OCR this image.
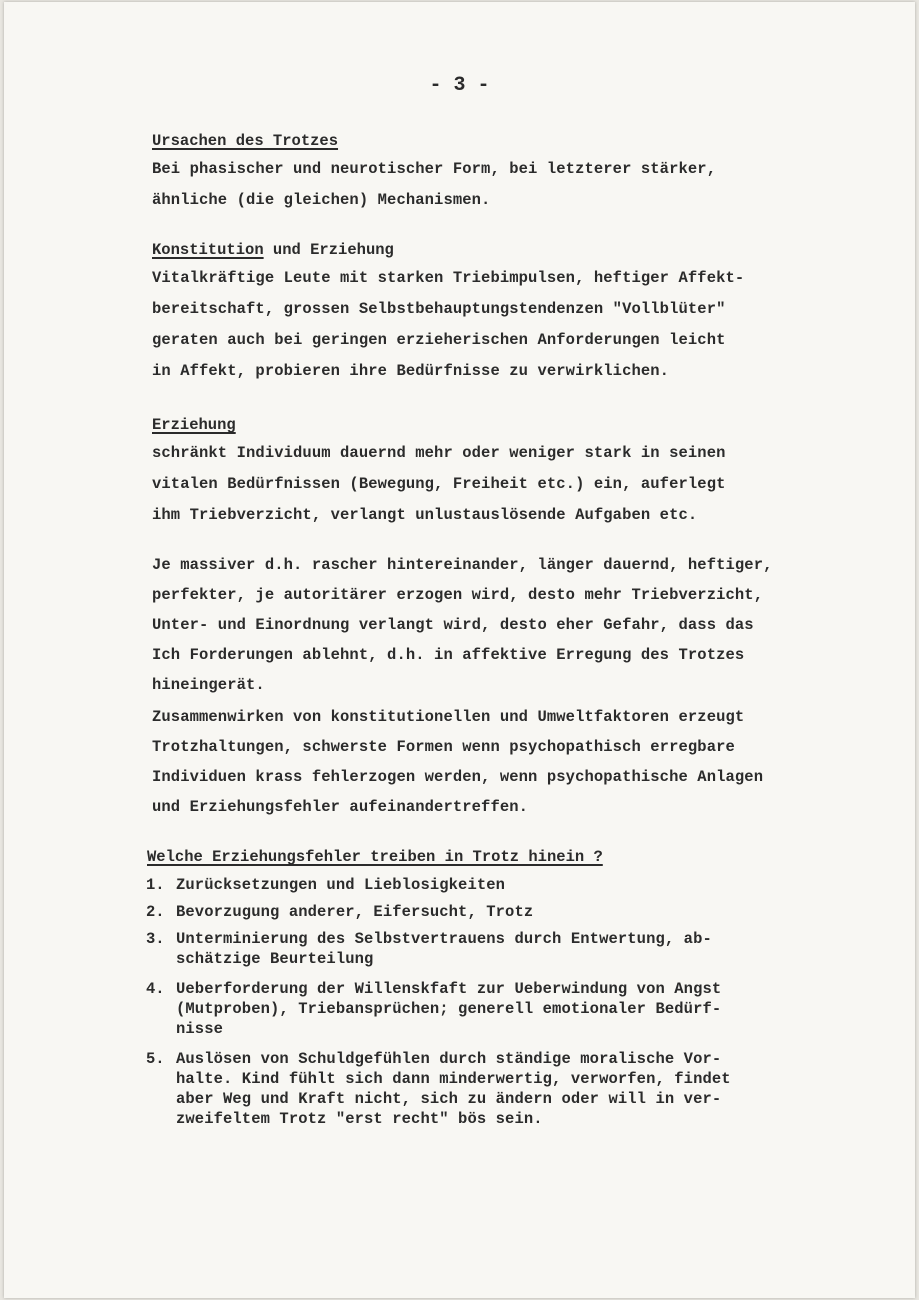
- 3 -
Ursachen des Trotzes
Bei phasischer und neurotischer Form, bei letzterer stärker,
ähnliche (die gleichen) Mechanismen.
Konstitution und Erziehung
Vitalkräftige Leute mit starken Triebimpulsen, heftiger Affekt-
bereitschaft, grossen Selbstbehauptungstendenzen "Vollblüter"
geraten auch bei geringen erzieherischen Anforderungen leicht
in Affekt, probieren ihre Bedürfnisse zu verwirklichen.
Erziehung
schränkt Individuum dauernd mehr oder weniger stark in seinen
vitalen Bedürfnissen (Bewegung, Freiheit etc.) ein, auferlegt
ihm Triebverzicht, verlangt unlustauslösende Aufgaben etc.
Je massiver d.h. rascher hintereinander, länger dauernd, heftiger,
perfekter, je autoritärer erzogen wird, desto mehr Triebverzicht,
Unter- und Einordnung verlangt wird, desto eher Gefahr, dass das
Ich Forderungen ablehnt, d.h. in affektive Erregung des Trotzes
hineingerät.
Zusammenwirken von konstitutionellen und Umweltfaktoren erzeugt
Trotzhaltungen, schwerste Formen wenn psychopathisch erregbare
Individuen krass fehlerzogen werden, wenn psychopathische Anlagen
und Erziehungsfehler aufeinandertreffen.
Welche Erziehungsfehler treiben in Trotz hinein ?
1. Zurücksetzungen und Lieblosigkeiten
2. Bevorzugung anderer, Eifersucht, Trotz
3. Unterminierung des Selbstvertrauens durch Entwertung, ab-
schätzige Beurteilung
4. Ueberforderung der Willenskfaft zur Ueberwindung von Angst
(Mutproben), Triebansprüchen; generell emotionaler Bedürf-
nisse
5. Auslösen von Schuldgefühlen durch ständige moralische Vor-
halte. Kind fühlt sich dann minderwertig, verworfen, findet
aber Weg und Kraft nicht, sich zu ändern oder will in ver-
zweifeltem Trotz "erst recht" bös sein.
